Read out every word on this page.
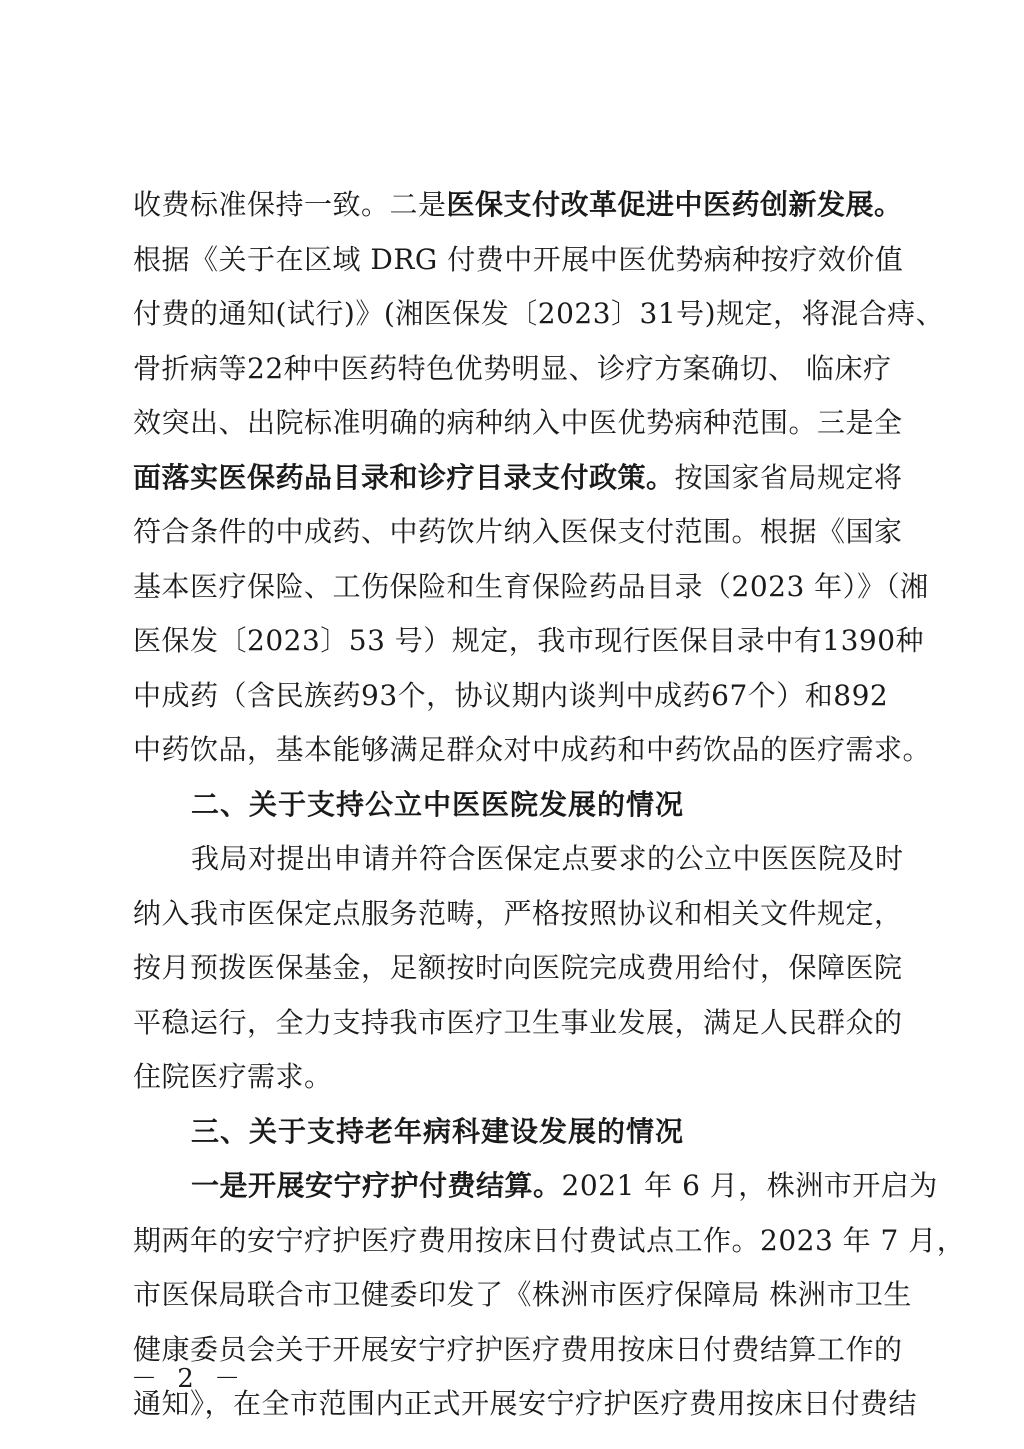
收费标准保持一致。二是医保支付改革促进中医药创新发展。
根据《关于在区域 DRG 付费中开展中医优势病种按疗效价值
付费的通知(试行)》(湘医保发〔2023〕31号)规定，将混合痔、
骨折病等22种中医药特色优势明显、诊疗方案确切、 临床疗
效突出、出院标准明确的病种纳入中医优势病种范围。三是全
面落实医保药品目录和诊疗目录支付政策。按国家省局规定将
符合条件的中成药、中药饮片纳入医保支付范围。根据《国家
基本医疗保险、工伤保险和生育保险药品目录（2023 年）》（湘
医保发〔2023〕53 号）规定，我市现行医保目录中有1390种
中成药（含民族药93个，协议期内谈判中成药67个）和892
中药饮品，基本能够满足群众对中成药和中药饮品的医疗需求。
二、关于支持公立中医医院发展的情况
我局对提出申请并符合医保定点要求的公立中医医院及时
纳入我市医保定点服务范畴，严格按照协议和相关文件规定，
按月预拨医保基金，足额按时向医院完成费用给付，保障医院
平稳运行，全力支持我市医疗卫生事业发展，满足人民群众的
住院医疗需求。
三、关于支持老年病科建设发展的情况
一是开展安宁疗护付费结算。2021 年 6 月，株洲市开启为
期两年的安宁疗护医疗费用按床日付费试点工作。2023 年 7 月，
市医保局联合市卫健委印发了《株洲市医疗保障局 株洲市卫生
健康委员会关于开展安宁疗护医疗费用按床日付费结算工作的
通知》，在全市范围内正式开展安宁疗护医疗费用按床日付费结
－ 2 －
